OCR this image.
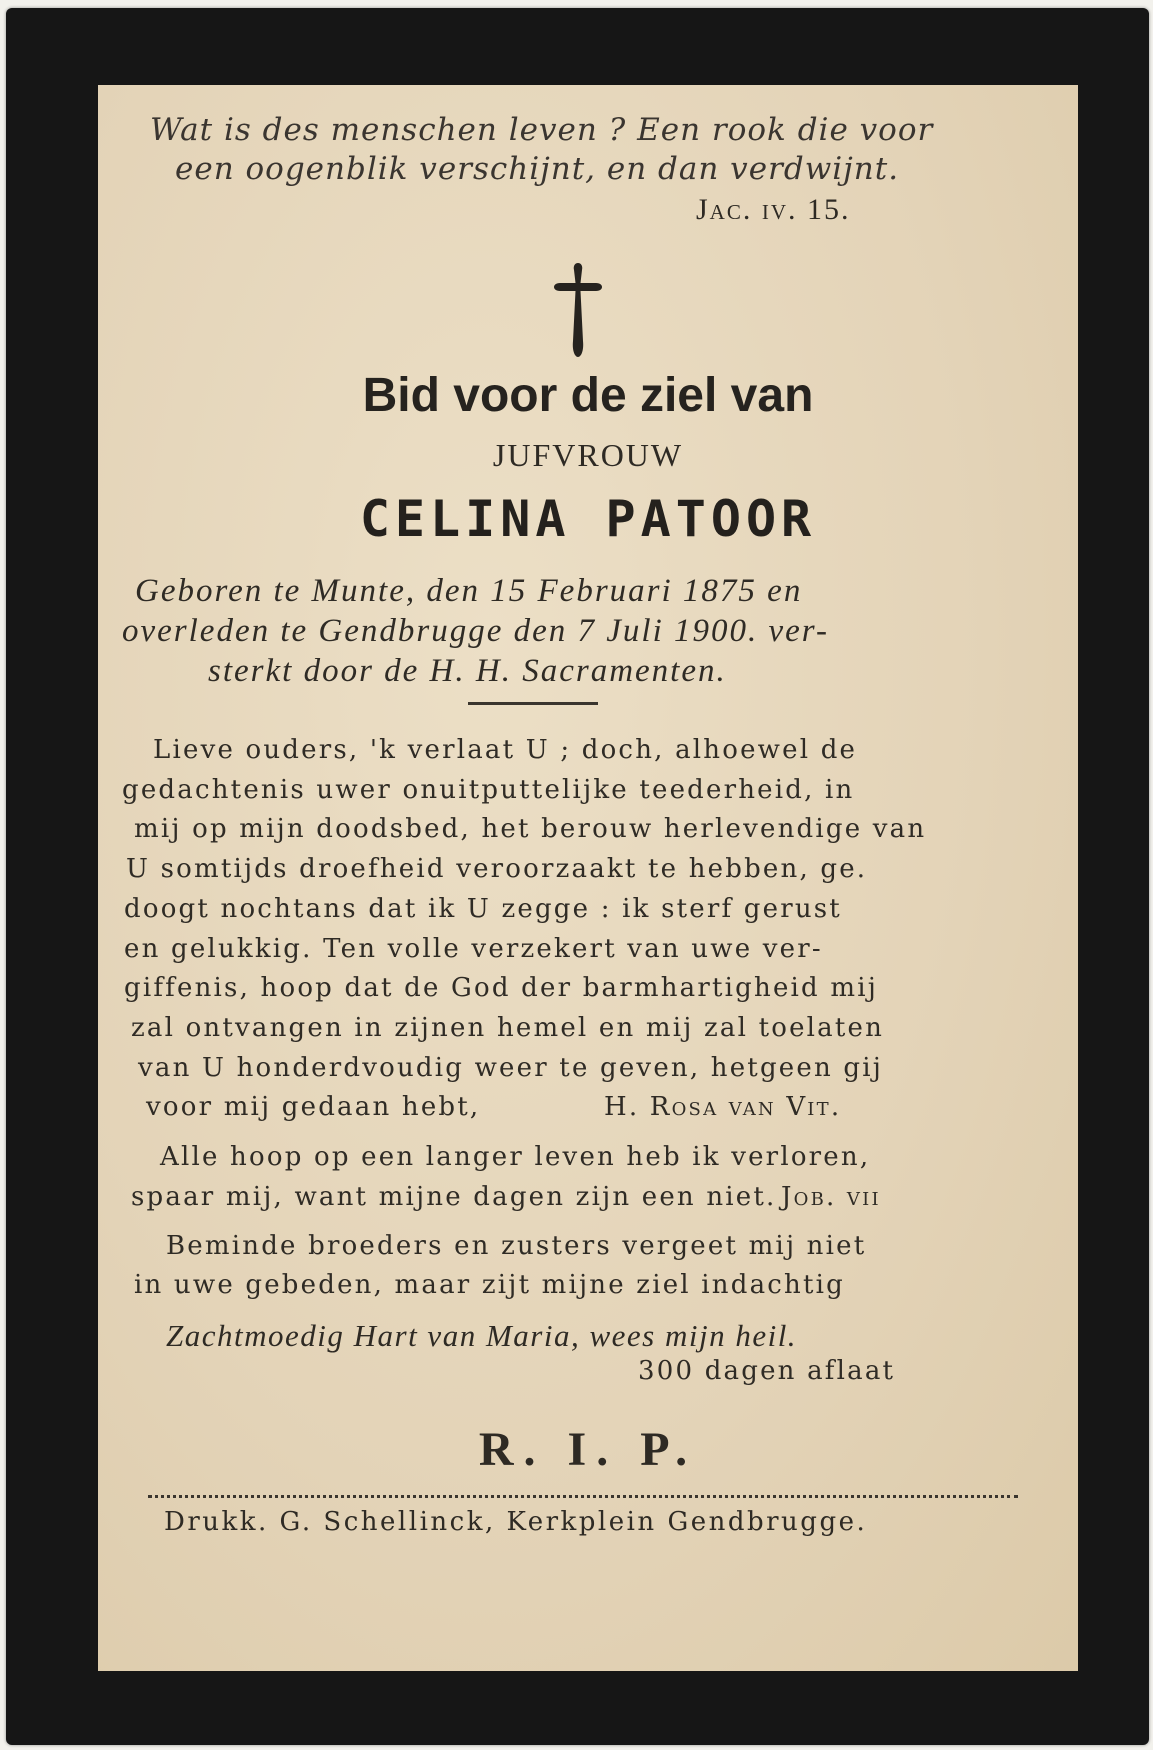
Wat is des menschen leven ? Een rook die voor
een oogenblik verschijnt, en dan verdwijnt.
Jac. iv. 15.
Bid voor de ziel van
JUFVROUW
CELINA PATOOR
Geboren te Munte, den 15 Februari 1875 en
overleden te Gendbrugge den 7 Juli 1900. ver-
sterkt door de H. H. Sacramenten.
Lieve ouders, 'k verlaat U ; doch, alhoewel de
gedachtenis uwer onuitputtelijke teederheid, in
mij op mijn doodsbed, het berouw herlevendige van
U somtijds droefheid veroorzaakt te hebben, ge.
doogt nochtans dat ik U zegge : ik sterf gerust
en gelukkig. Ten volle verzekert van uwe ver-
giffenis, hoop dat de God der barmhartigheid mij
zal ontvangen in zijnen hemel en mij zal toelaten
van U honderdvoudig weer te geven, hetgeen gij
voor mij gedaan hebt,	H. Rosa van Vit.
Alle hoop op een langer leven heb ik verloren,
spaar mij, want mijne dagen zijn een niet. Job. vii
Beminde broeders en zusters vergeet mij niet
in uwe gebeden, maar zijt mijne ziel indachtig
Zachtmoedig Hart van Maria, wees mijn heil.
300 dagen aflaat
R. I. P.
Drukk. G. Schellinck, Kerkplein Gendbrugge.
